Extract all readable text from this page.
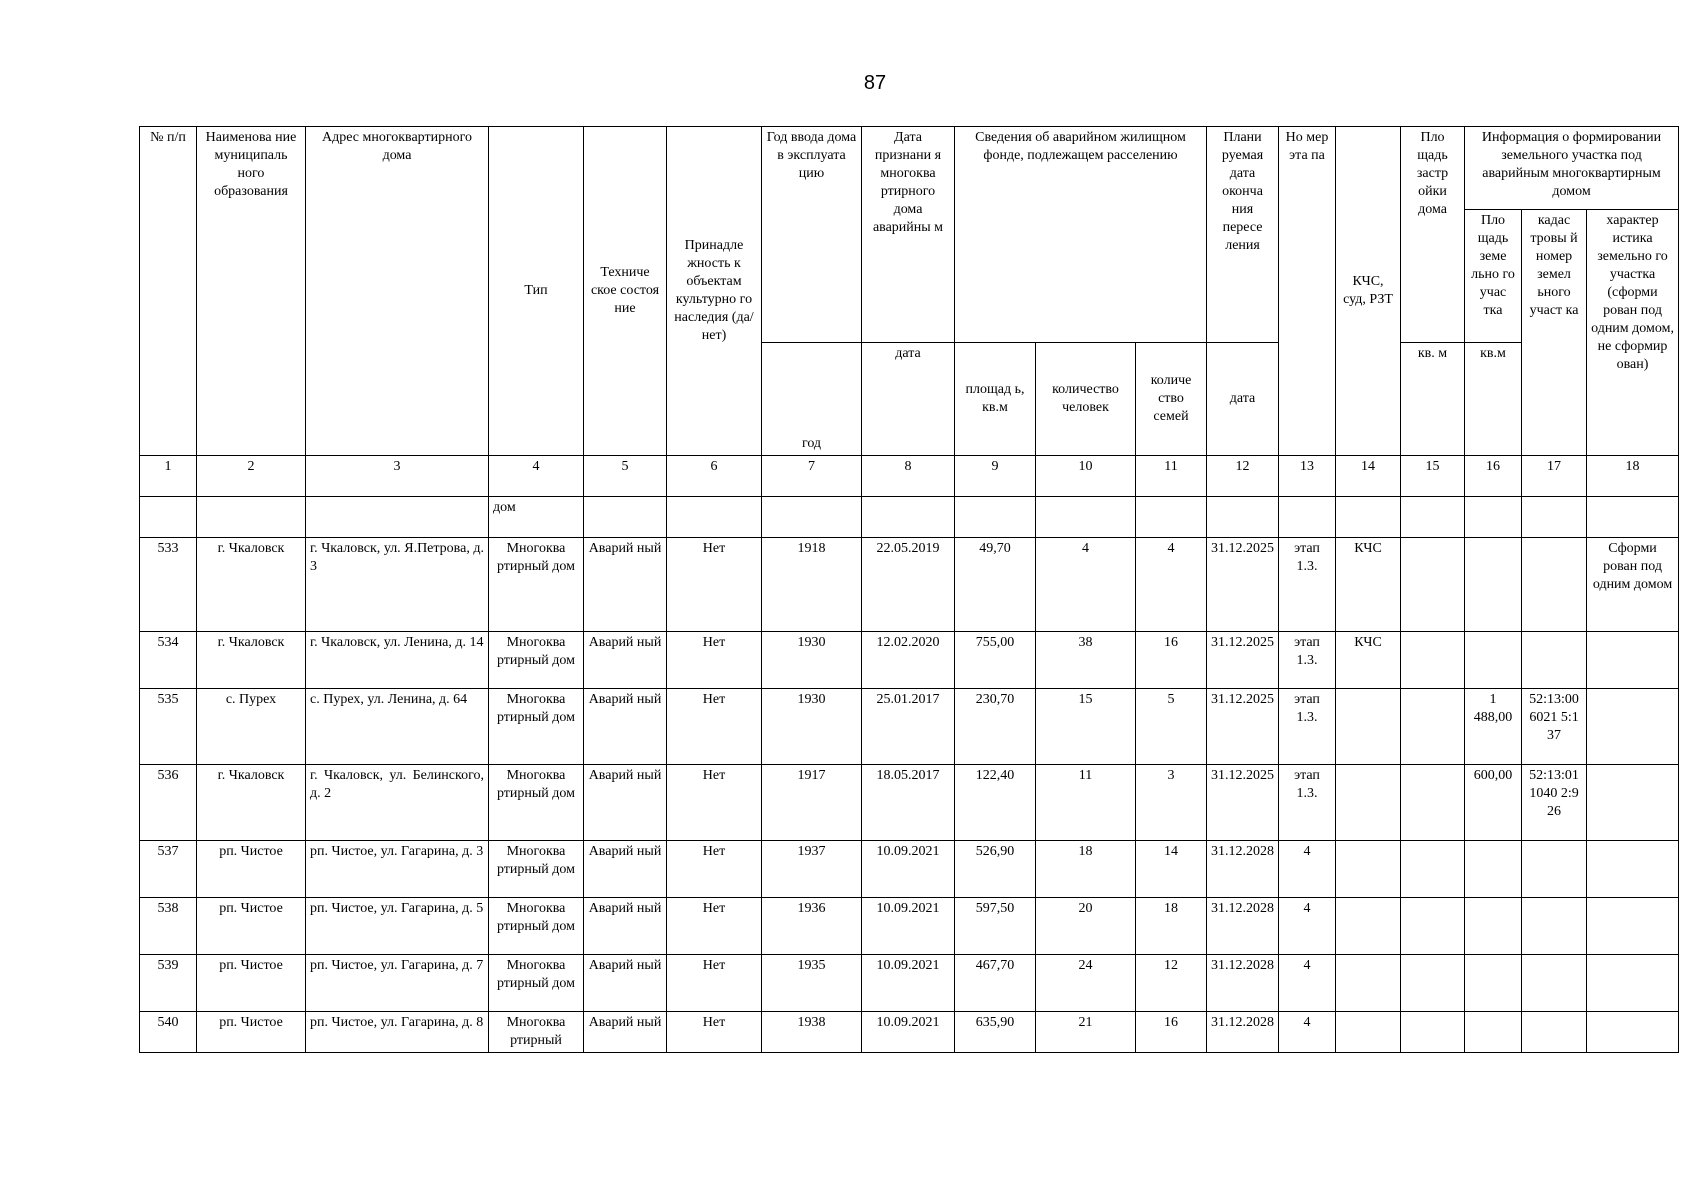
87
№ п/п	Наименова ние муниципаль ного образования	Адрес многоквартирного дома	Тип	Техниче ское состоя ние	Принадле жность к объектам культурно го наследия (да/нет)	Год ввода дома в эксплуата цию	Дата признани я многоква ртирного дома аварийны м	Сведения об аварийном жилищном фонде, подлежащем расселению			Плани руемая дата оконча ния пересе ления	Но мер эта па	КЧС, суд, РЗТ	Пло щадь застр ойки дома	Информация о формировании земельного участка под аварийным многоквартирным домом		
															Пло щадь земе льно го учас тка	кадас тровы й номер земел ьного участ ка	характер истика земельно го участка (сформи рован под одним домом, не сформир ован)
						год	дата	площад ь, кв.м	количество человек	количе ство семей	дата			кв. м	кв.м		
1	2	3	4	5	6	7	8	9	10	11	12	13	14	15	16	17	18
			дом														
533	г. Чкаловск	г. Чкаловск, ул. Я.Петрова, д. 3	Многоква ртирный дом	Аварий ный	Нет	1918	22.05.2019	49,70	4	4	31.12.2025	этап 1.3.	КЧС				Сформи рован под одним домом
534	г. Чкаловск	г. Чкаловск, ул. Ленина, д. 14	Многоква ртирный дом	Аварий ный	Нет	1930	12.02.2020	755,00	38	16	31.12.2025	этап 1.3.	КЧС				
535	с. Пурех	с. Пурех, ул. Ленина, д. 64	Многоква ртирный дом	Аварий ный	Нет	1930	25.01.2017	230,70	15	5	31.12.2025	этап 1.3.			1 488,00	52:13:006021 5:137	
536	г. Чкаловск	г. Чкаловск, ул. Белинского, д. 2	Многоква ртирный дом	Аварий ный	Нет	1917	18.05.2017	122,40	11	3	31.12.2025	этап 1.3.			600,00	52:13:011040 2:926	
537	рп. Чистое	рп. Чистое, ул. Гагарина, д. 3	Многоква ртирный дом	Аварий ный	Нет	1937	10.09.2021	526,90	18	14	31.12.2028	4					
538	рп. Чистое	рп. Чистое, ул. Гагарина, д. 5	Многоква ртирный дом	Аварий ный	Нет	1936	10.09.2021	597,50	20	18	31.12.2028	4					
539	рп. Чистое	рп. Чистое, ул. Гагарина, д. 7	Многоква ртирный дом	Аварий ный	Нет	1935	10.09.2021	467,70	24	12	31.12.2028	4					
540	рп. Чистое	рп. Чистое, ул. Гагарина, д. 8	Многоква ртирный	Аварий ный	Нет	1938	10.09.2021	635,90	21	16	31.12.2028	4					
